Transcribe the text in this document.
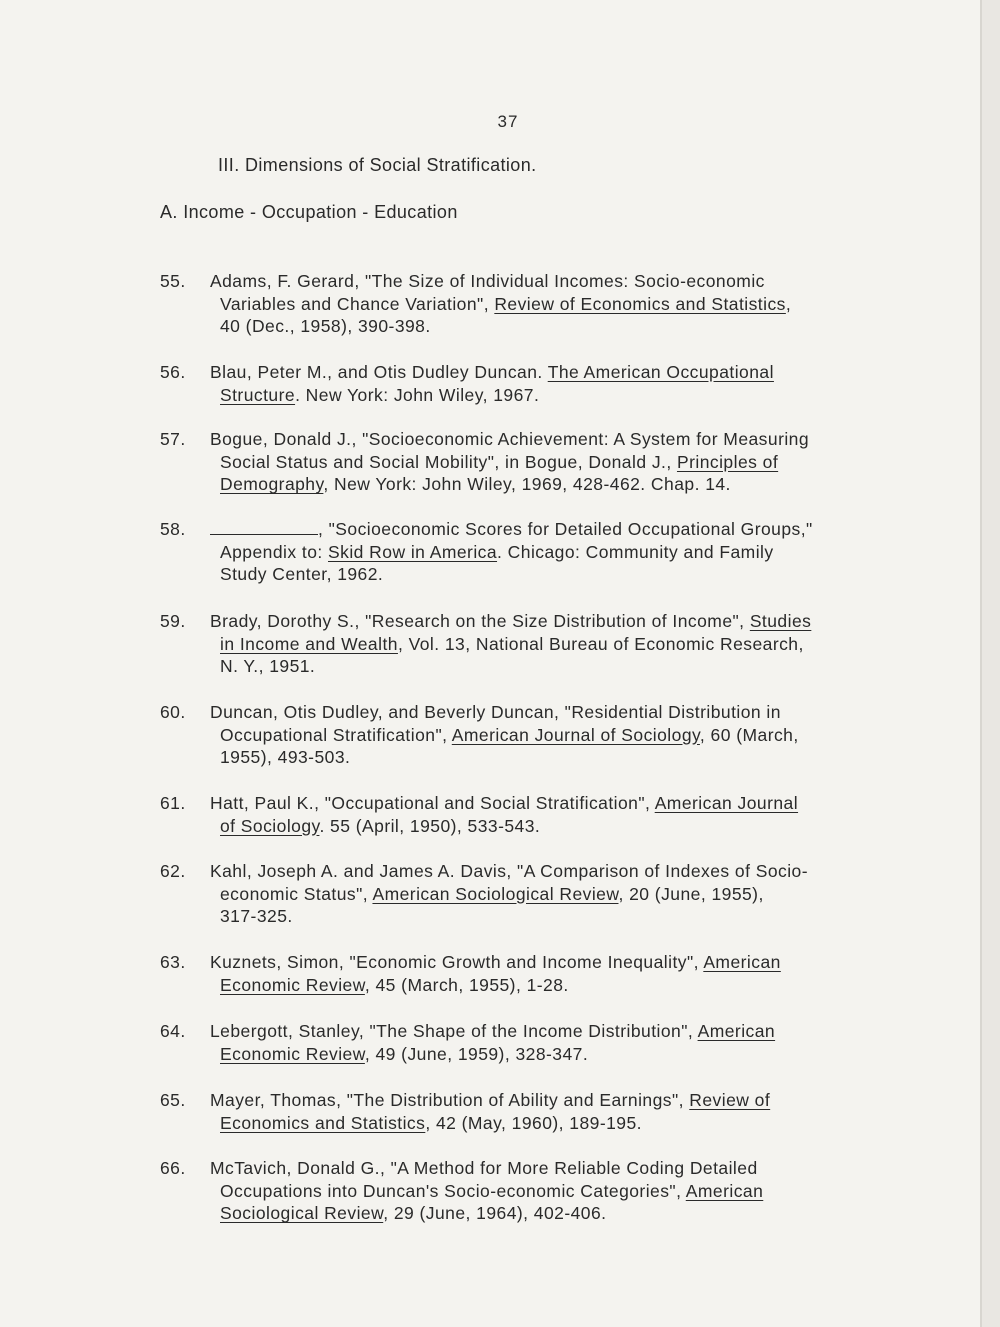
37
III. Dimensions of Social Stratification.
A. Income - Occupation - Education
55. Adams, F. Gerard, "The Size of Individual Incomes: Socio-economic
Variables and Chance Variation", Review of Economics and Statistics,
40 (Dec., 1958), 390-398.
56. Blau, Peter M., and Otis Dudley Duncan. The American Occupational
Structure. New York: John Wiley, 1967.
57. Bogue, Donald J., "Socioeconomic Achievement: A System for Measuring
Social Status and Social Mobility", in Bogue, Donald J., Principles of
Demography, New York: John Wiley, 1969, 428-462. Chap. 14.
58.	, "Socioeconomic Scores for Detailed Occupational Groups,"
Appendix to: Skid Row in America. Chicago: Community and Family
Study Center, 1962.
59. Brady, Dorothy S., "Research on the Size Distribution of Income", Studies
in Income and Wealth, Vol. 13, National Bureau of Economic Research,
N. Y., 1951.
60. Duncan, Otis Dudley, and Beverly Duncan, "Residential Distribution in
Occupational Stratification", American Journal of Sociology, 60 (March,
1955), 493-503.
61. Hatt, Paul K., "Occupational and Social Stratification", American Journal
of Sociology. 55 (April, 1950), 533-543.
62. Kahl, Joseph A. and James A. Davis, "A Comparison of Indexes of Socio-
economic Status", American Sociological Review, 20 (June, 1955),
317-325.
63. Kuznets, Simon, "Economic Growth and Income Inequality", American
Economic Review, 45 (March, 1955), 1-28.
64. Lebergott, Stanley, "The Shape of the Income Distribution", American
Economic Review, 49 (June, 1959), 328-347.
65. Mayer, Thomas, "The Distribution of Ability and Earnings", Review of
Economics and Statistics, 42 (May, 1960), 189-195.
66. McTavich, Donald G., "A Method for More Reliable Coding Detailed
Occupations into Duncan's Socio-economic Categories", American
Sociological Review, 29 (June, 1964), 402-406.
